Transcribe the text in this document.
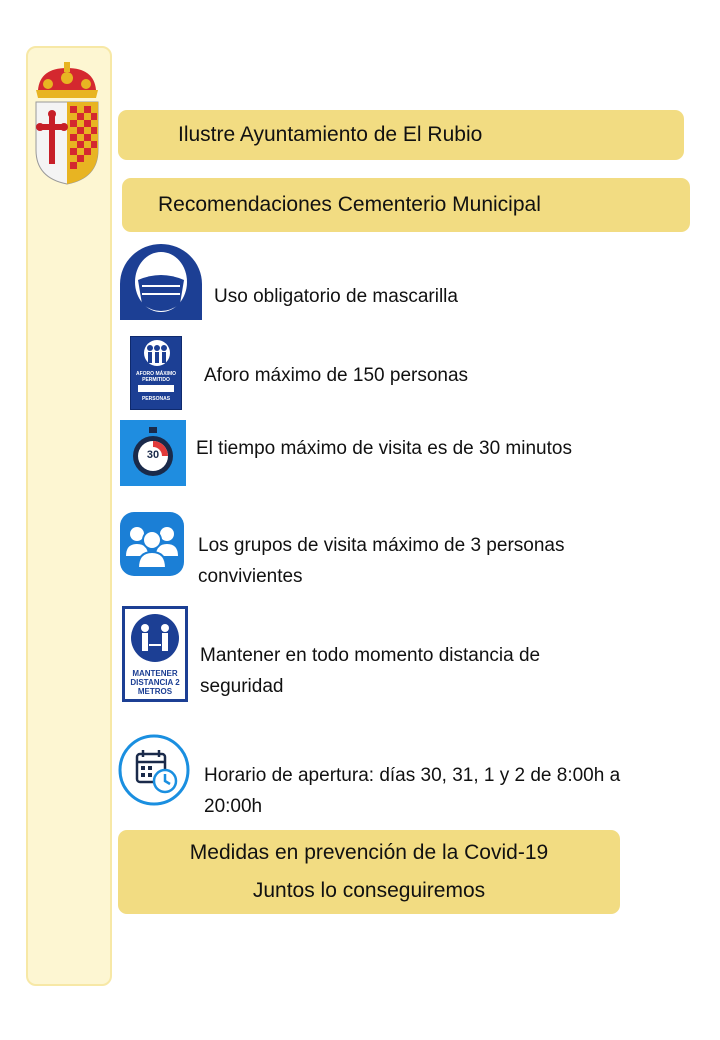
Ilustre Ayuntamiento de El Rubio
Recomendaciones Cementerio Municipal
Uso obligatorio de mascarilla
AFORO MÁXIMO PERMITIDO
PERSONAS
Aforo máximo de 150 personas
30	El tiempo máximo de visita es de 30 minutos
Los grupos de visita máximo de 3 personas convivientes
MANTENER DISTANCIA 2 METROS
Mantener en todo momento distancia de seguridad
Horario de apertura: días 30, 31, 1 y 2 de 8:00h a 20:00h
Medidas en prevención de la Covid-19
Juntos lo conseguiremos
